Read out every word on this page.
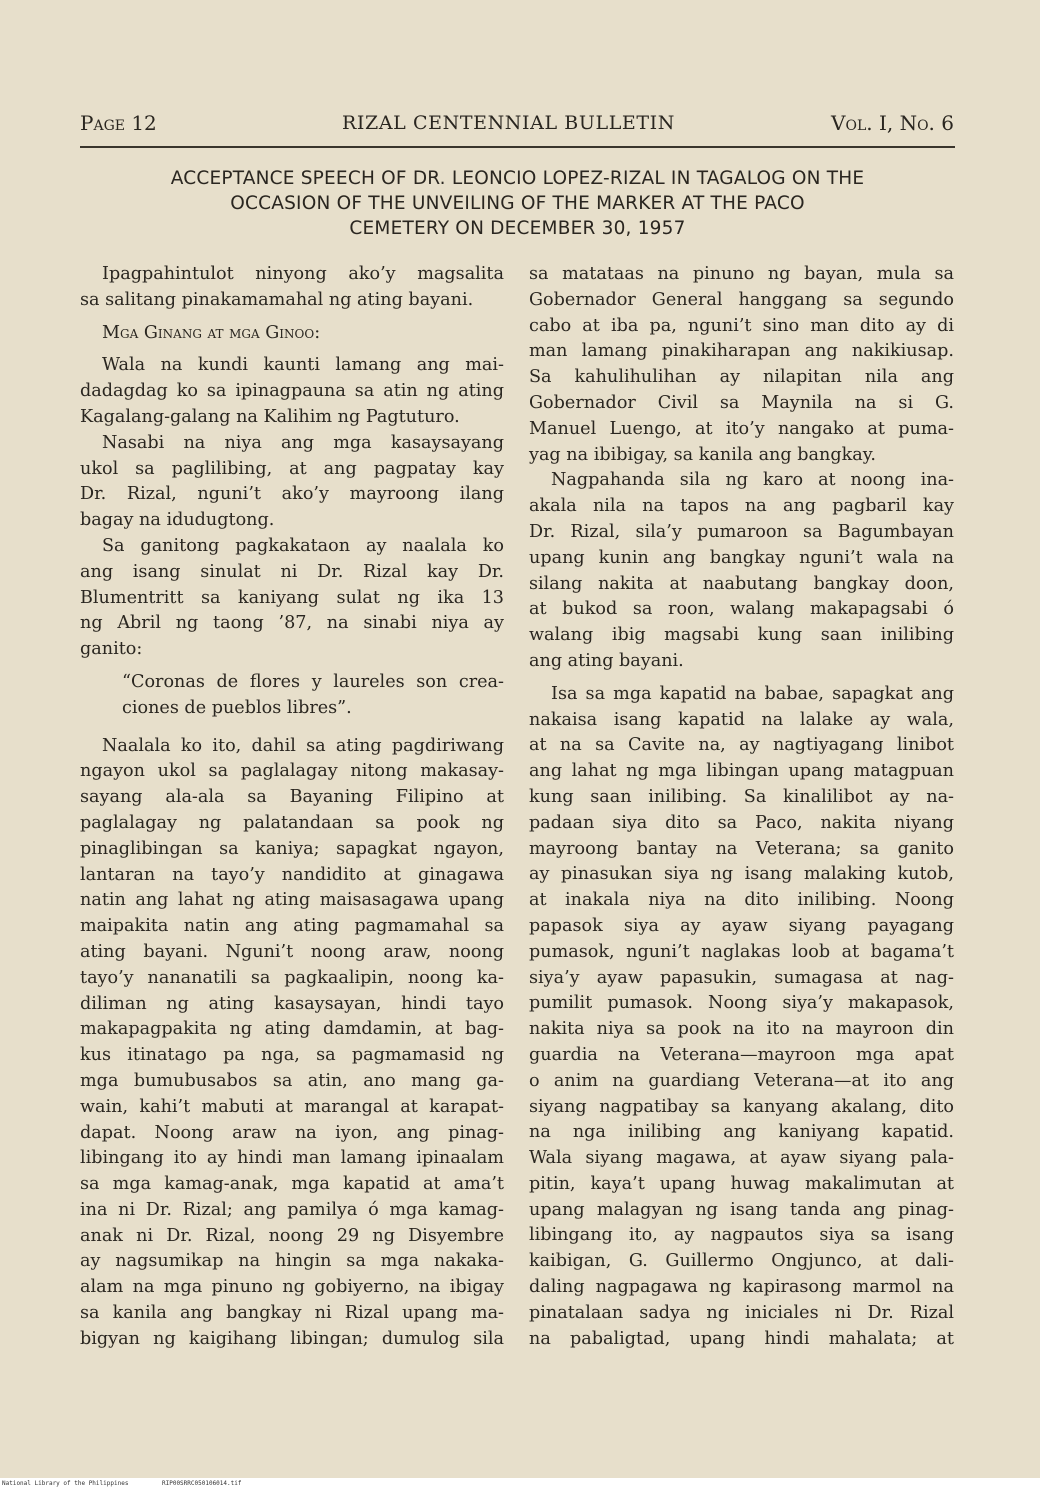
Page 12	RIZAL CENTENNIAL BULLETIN	Vol. I, No. 6
ACCEPTANCE SPEECH OF DR. LEONCIO LOPEZ-RIZAL IN TAGALOG ON THE
OCCASION OF THE UNVEILING OF THE MARKER AT THE PACO
CEMETERY ON DECEMBER 30, 1957
Ipagpahintulot ninyong ako’y magsalita
sa salitang pinakamamahal ng ating bayani.
Mga Ginang at mga Ginoo:
Wala na kundi kaunti lamang ang mai-
dadagdag ko sa ipinagpauna sa atin ng ating
Kagalang-galang na Kalihim ng Pagtuturo.
Nasabi na niya ang mga kasaysayang
ukol sa paglilibing, at ang pagpatay kay
Dr. Rizal, nguni’t ako’y mayroong ilang
bagay na idudugtong.
Sa ganitong pagkakataon ay naalala ko
ang isang sinulat ni Dr. Rizal kay Dr.
Blumentritt sa kaniyang sulat ng ika 13
ng Abril ng taong ’87, na sinabi niya ay
ganito:
“Coronas de flores y laureles son crea-
ciones de pueblos libres”.
Naalala ko ito, dahil sa ating pagdiriwang
ngayon ukol sa paglalagay nitong makasay-
sayang ala-ala sa Bayaning Filipino at
paglalagay ng palatandaan sa pook ng
pinaglibingan sa kaniya; sapagkat ngayon,
lantaran na tayo’y nandidito at ginagawa
natin ang lahat ng ating maisasagawa upang
maipakita natin ang ating pagmamahal sa
ating bayani. Nguni’t noong araw, noong
tayo’y nananatili sa pagkaalipin, noong ka-
diliman ng ating kasaysayan, hindi tayo
makapagpakita ng ating damdamin, at bag-
kus itinatago pa nga, sa pagmamasid ng
mga bumubusabos sa atin, ano mang ga-
wain, kahi’t mabuti at marangal at karapat-
dapat. Noong araw na iyon, ang pinag-
libingang ito ay hindi man lamang ipinaalam
sa mga kamag-anak, mga kapatid at ama’t
ina ni Dr. Rizal; ang pamilya ó mga kamag-
anak ni Dr. Rizal, noong 29 ng Disyembre
ay nagsumikap na hingin sa mga nakaka-
alam na mga pinuno ng gobiyerno, na ibigay
sa kanila ang bangkay ni Rizal upang ma-
bigyan ng kaigihang libingan; dumulog sila
sa matataas na pinuno ng bayan, mula sa
Gobernador General hanggang sa segundo
cabo at iba pa, nguni’t sino man dito ay di
man lamang pinakiharapan ang nakikiusap.
Sa kahulihulihan ay nilapitan nila ang
Gobernador Civil sa Maynila na si G.
Manuel Luengo, at ito’y nangako at puma-
yag na ibibigay, sa kanila ang bangkay.
Nagpahanda sila ng karo at noong ina-
akala nila na tapos na ang pagbaril kay
Dr. Rizal, sila’y pumaroon sa Bagumbayan
upang kunin ang bangkay nguni’t wala na
silang nakita at naabutang bangkay doon,
at bukod sa roon, walang makapagsabi ó
walang ibig magsabi kung saan inilibing
ang ating bayani.
Isa sa mga kapatid na babae, sapagkat ang
nakaisa isang kapatid na lalake ay wala,
at na sa Cavite na, ay nagtiyagang linibot
ang lahat ng mga libingan upang matagpuan
kung saan inilibing. Sa kinalilibot ay na-
padaan siya dito sa Paco, nakita niyang
mayroong bantay na Veterana; sa ganito
ay pinasukan siya ng isang malaking kutob,
at inakala niya na dito inilibing. Noong
papasok siya ay ayaw siyang payagang
pumasok, nguni’t naglakas loob at bagama’t
siya’y ayaw papasukin, sumagasa at nag-
pumilit pumasok. Noong siya’y makapasok,
nakita niya sa pook na ito na mayroon din
guardia na Veterana—mayroon mga apat
o anim na guardiang Veterana—at ito ang
siyang nagpatibay sa kanyang akalang, dito
na nga inilibing ang kaniyang kapatid.
Wala siyang magawa, at ayaw siyang pala-
pitin, kaya’t upang huwag makalimutan at
upang malagyan ng isang tanda ang pinag-
libingang ito, ay nagpautos siya sa isang
kaibigan, G. Guillermo Ongjunco, at dali-
daling nagpagawa ng kapirasong marmol na
pinatalaan sadya ng iniciales ni Dr. Rizal
na pabaligtad, upang hindi mahalata; at
National Library of the Philippines	RIP00SRRC050106014.tif
